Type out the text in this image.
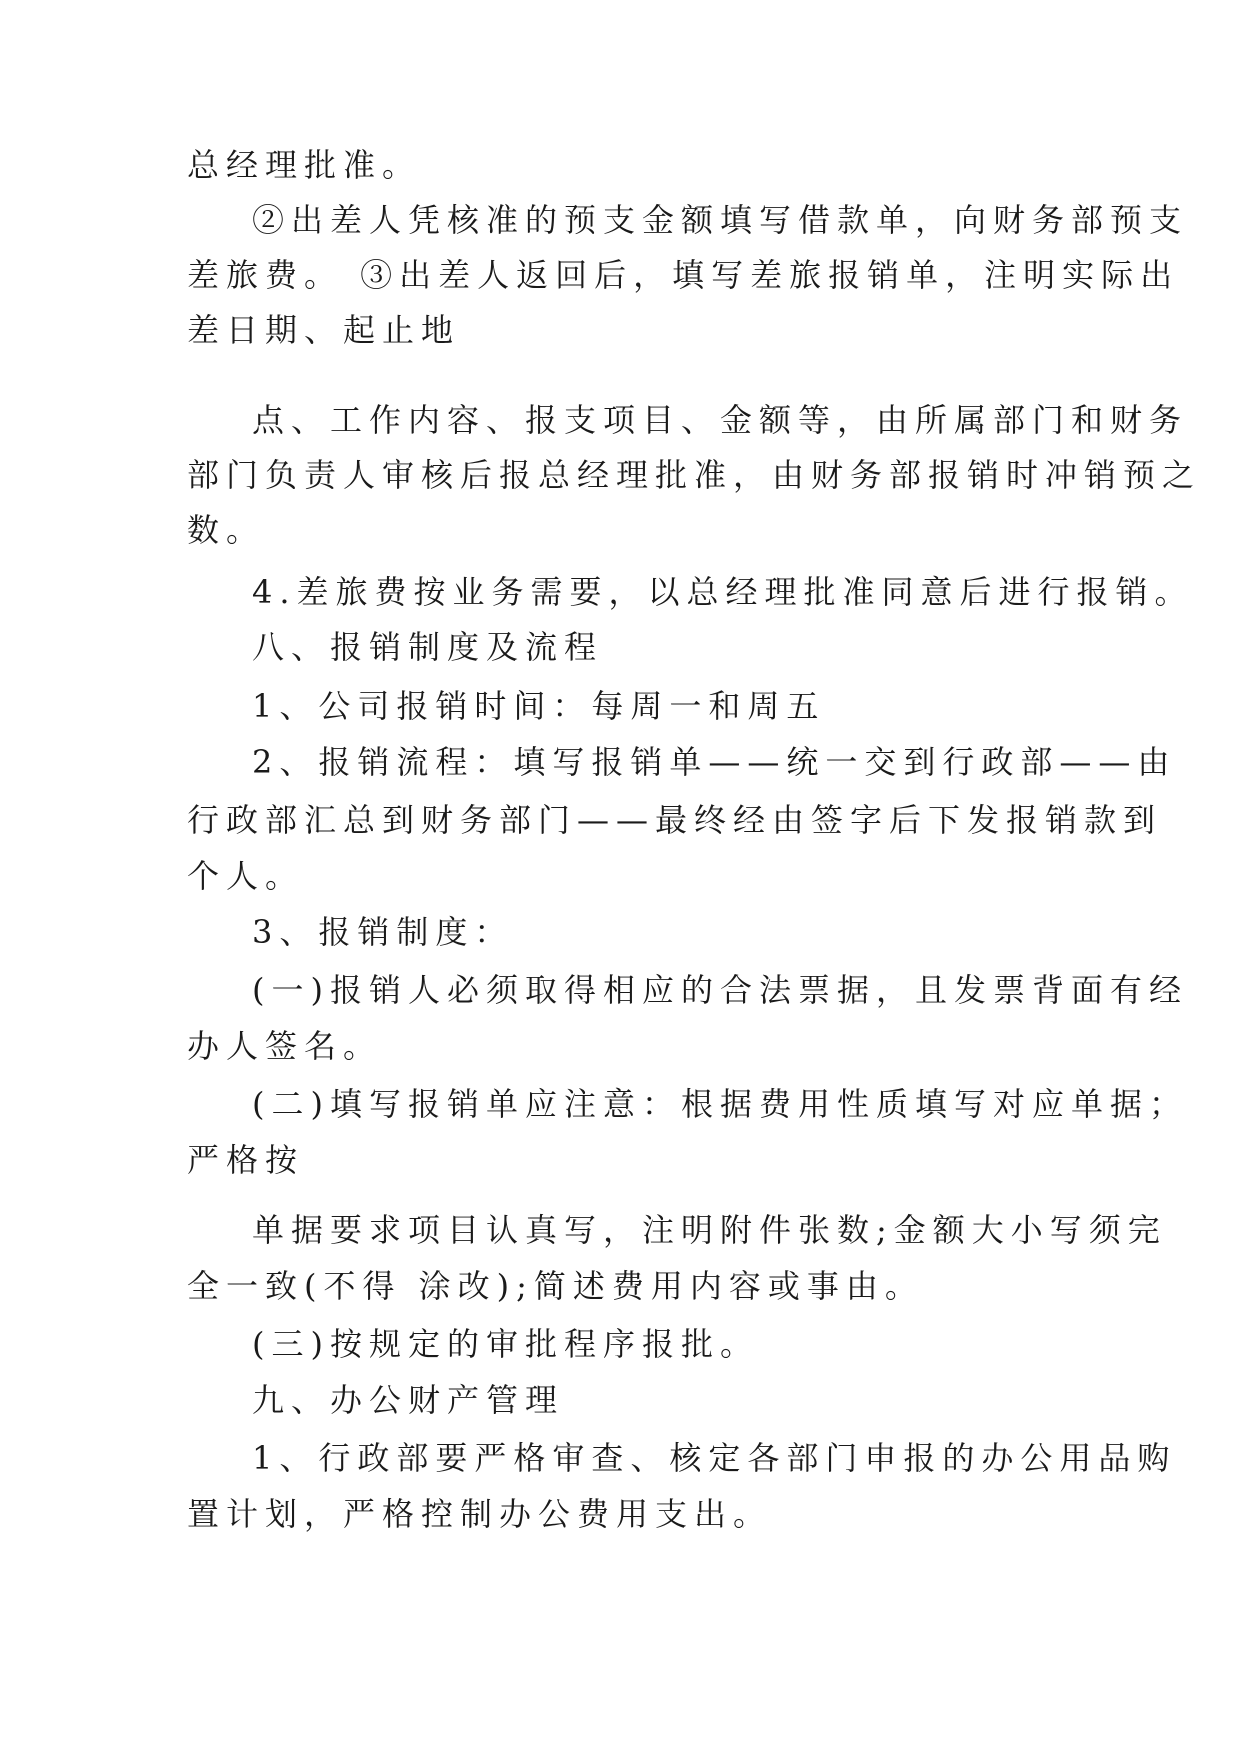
总经理批准。
②出差人凭核准的预支金额填写借款单，向财务部预支
差旅费。 ③出差人返回后，填写差旅报销单，注明实际出
差日期、起止地
点、工作内容、报支项目、金额等，由所属部门和财务
部门负责人审核后报总经理批准，由财务部报销时冲销预之
数。
4.差旅费按业务需要，以总经理批准同意后进行报销。
八、报销制度及流程
1、公司报销时间：每周一和周五
2、报销流程：填写报销单——统一交到行政部——由
行政部汇总到财务部门——最终经由签字后下发报销款到
个人。
3、报销制度：
(一)报销人必须取得相应的合法票据，且发票背面有经
办人签名。
(二)填写报销单应注意：根据费用性质填写对应单据；
严格按
单据要求项目认真写，注明附件张数;金额大小写须完
全一致(不得 涂改);简述费用内容或事由。
(三)按规定的审批程序报批。
九、办公财产管理
1、行政部要严格审查、核定各部门申报的办公用品购
置计划，严格控制办公费用支出。
